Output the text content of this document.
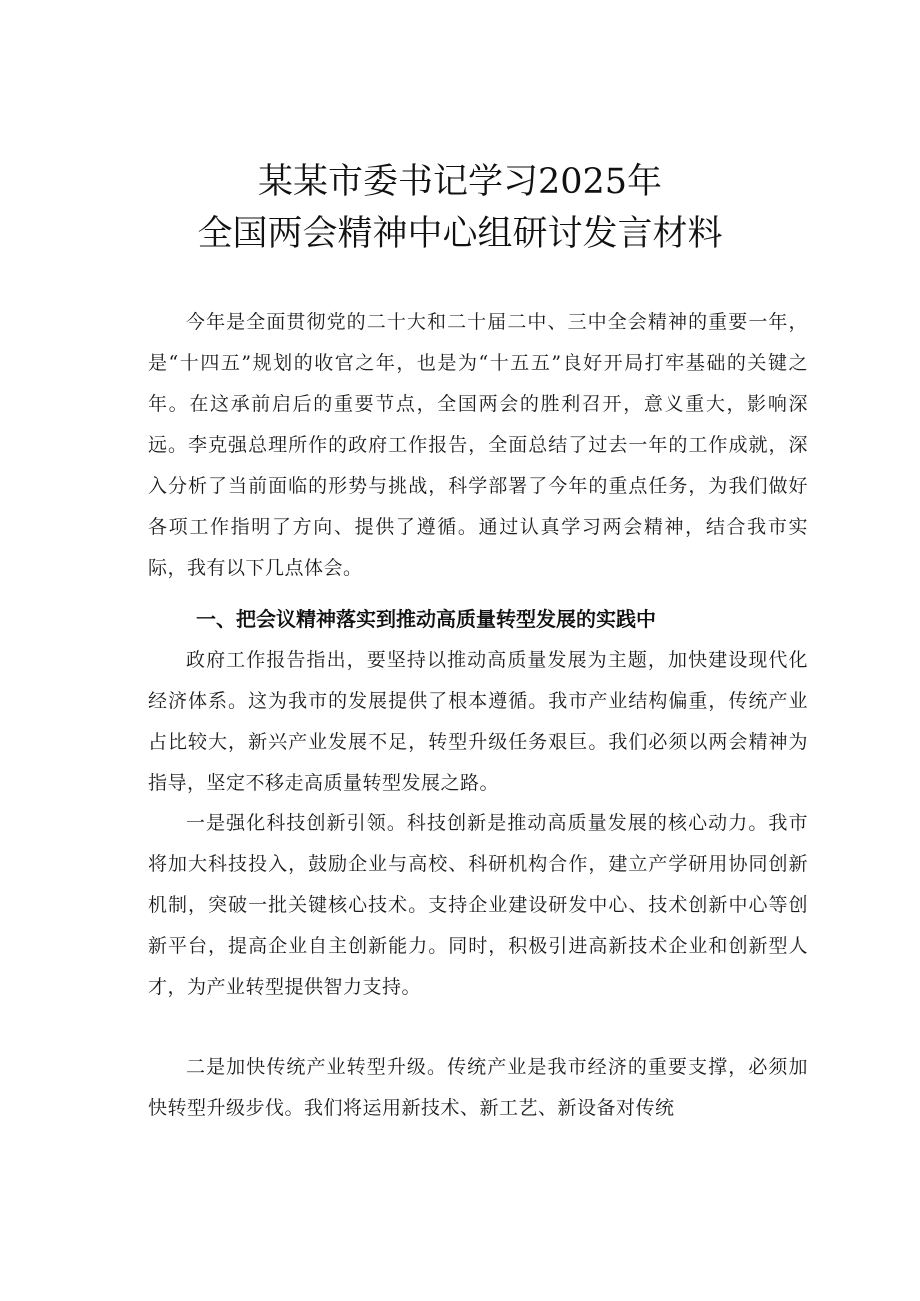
某某市委书记学习2025年
全国两会精神中心组研讨发言材料

今年是全面贯彻党的二十大和二十届二中、三中全会精神的重要一年，是“十四五”规划的收官之年，也是为“十五五”良好开局打牢基础的关键之年。在这承前启后的重要节点，全国两会的胜利召开，意义重大，影响深远。李克强总理所作的政府工作报告，全面总结了过去一年的工作成就，深入分析了当前面临的形势与挑战，科学部署了今年的重点任务，为我们做好各项工作指明了方向、提供了遵循。通过认真学习两会精神，结合我市实际，我有以下几点体会。

一、把会议精神落实到推动高质量转型发展的实践中

政府工作报告指出，要坚持以推动高质量发展为主题，加快建设现代化经济体系。这为我市的发展提供了根本遵循。我市产业结构偏重，传统产业占比较大，新兴产业发展不足，转型升级任务艰巨。我们必须以两会精神为指导，坚定不移走高质量转型发展之路。

一是强化科技创新引领。科技创新是推动高质量发展的核心动力。我市将加大科技投入，鼓励企业与高校、科研机构合作，建立产学研用协同创新机制，突破一批关键核心技术。支持企业建设研发中心、技术创新中心等创新平台，提高企业自主创新能力。同时，积极引进高新技术企业和创新型人才，为产业转型提供智力支持。

二是加快传统产业转型升级。传统产业是我市经济的重要支撑，必须加快转型升级步伐。我们将运用新技术、新工艺、新设备对传统
